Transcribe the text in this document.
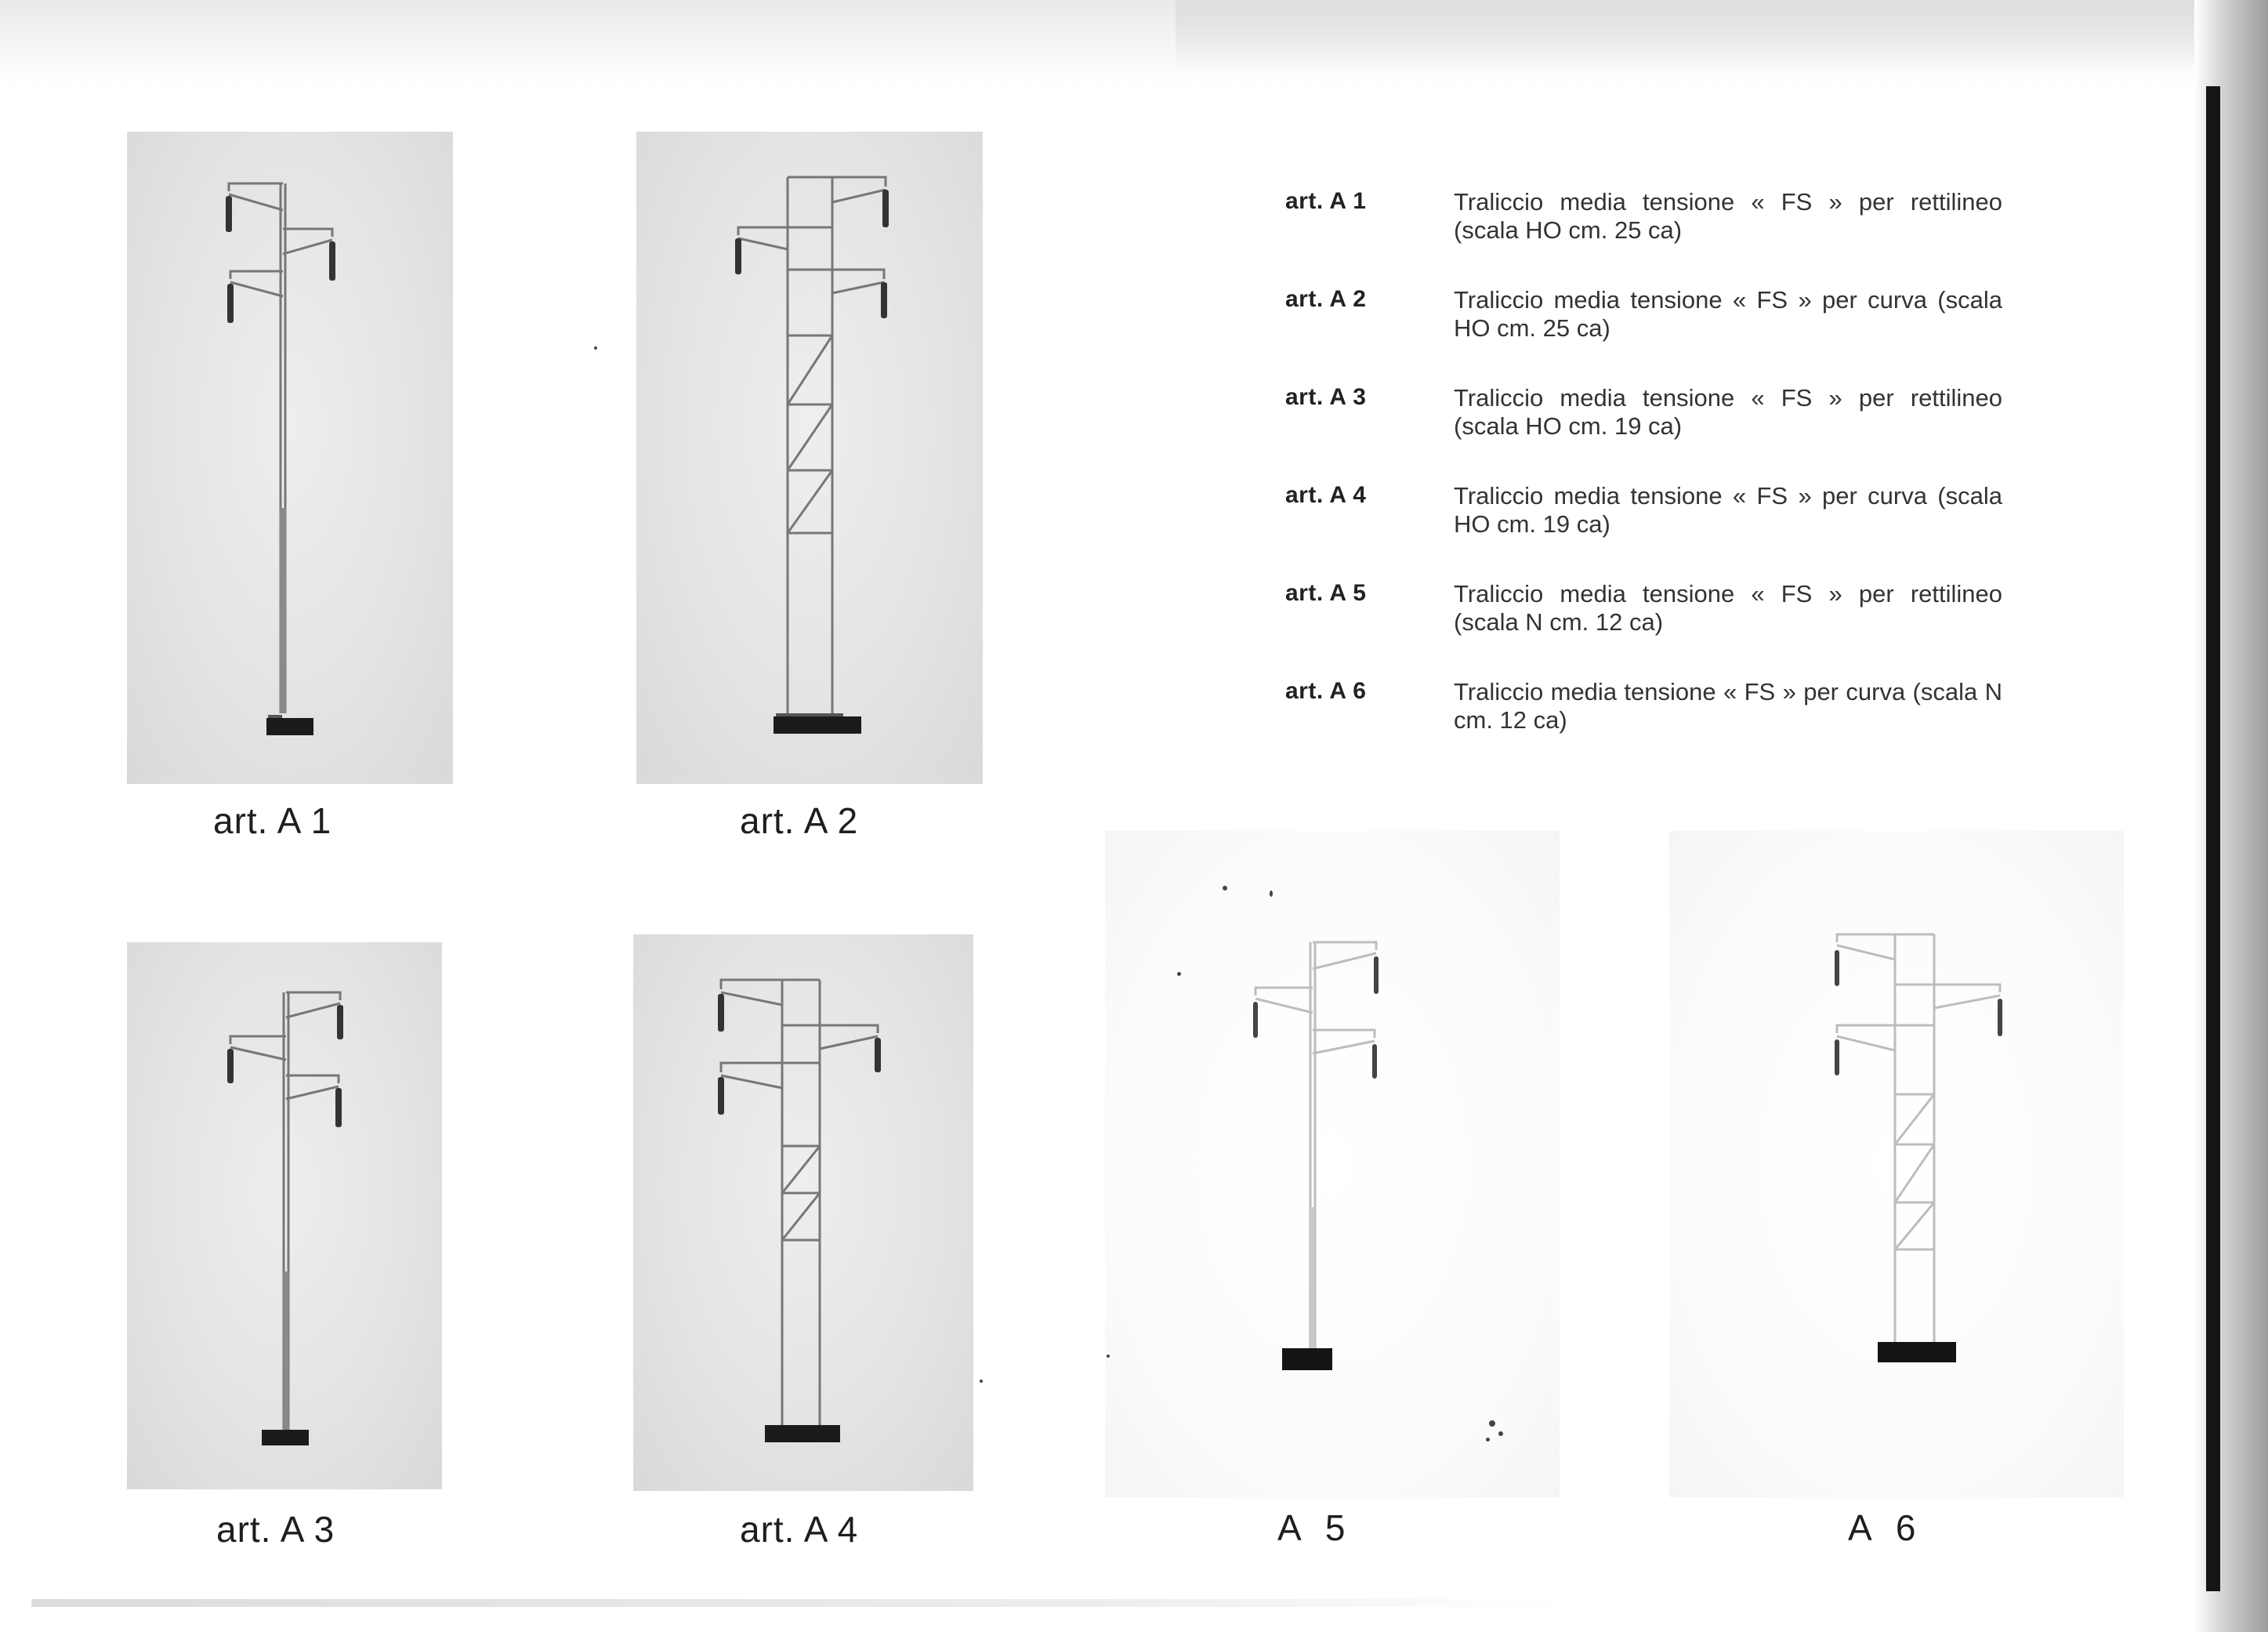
art. A 1	art. A 2
art. A 1	Traliccio media tensione « FS » per rettilineo (scala HO cm. 25 ca)
art. A 2	Traliccio media tensione « FS » per curva (scala HO cm. 25 ca)
art. A 3	Traliccio media tensione « FS » per rettilineo (scala HO cm. 19 ca)
art. A 4	Traliccio media tensione « FS » per curva (scala HO cm. 19 ca)
art. A 5	Traliccio media tensione « FS » per rettilineo (scala N cm. 12 ca)
art. A 6	Traliccio media tensione « FS » per curva (scala N cm. 12 ca)
art. A 3	art. A 4	A 5	A 6
